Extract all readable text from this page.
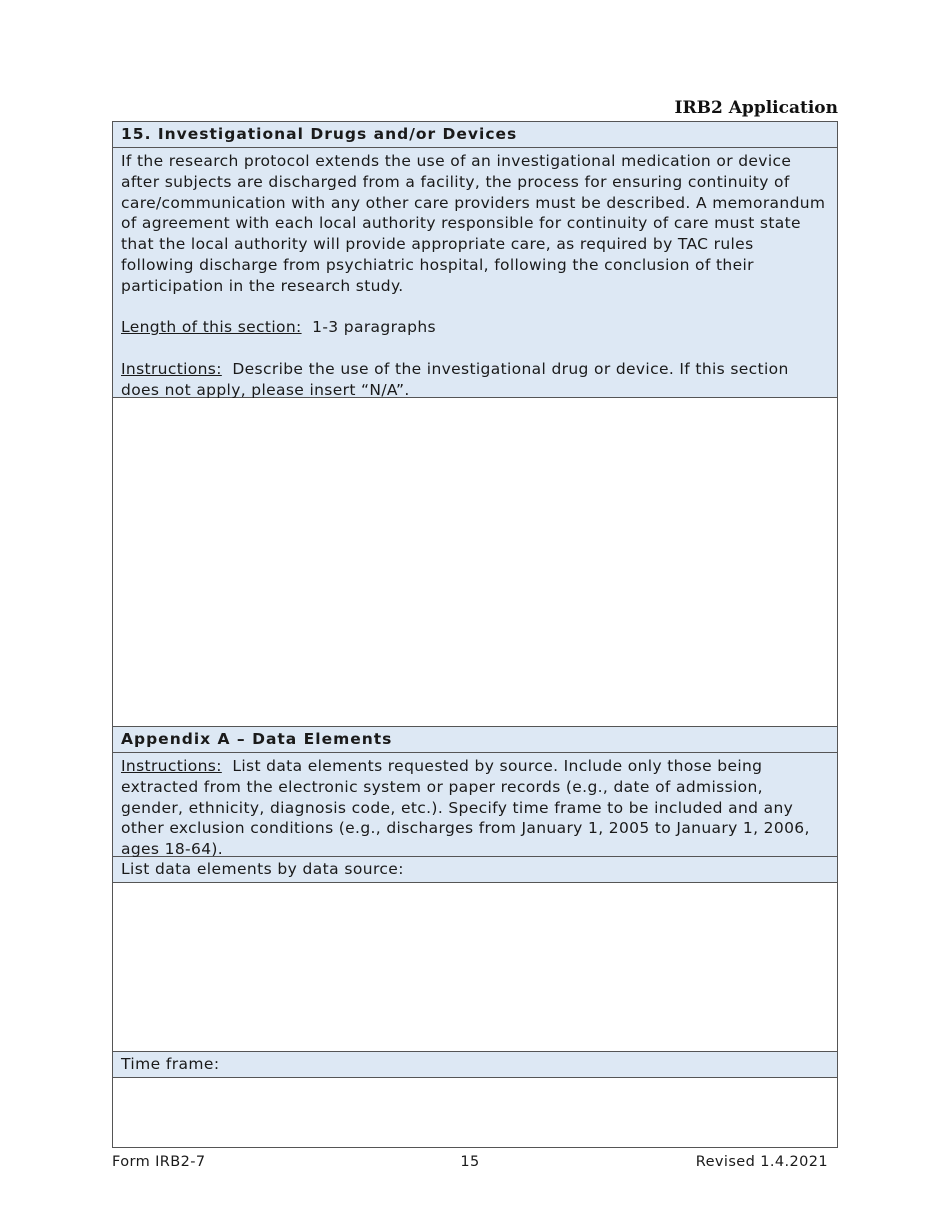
IRB2 Application
15. Investigational Drugs and/or Devices

If the research protocol extends the use of an investigational medication or device after subjects are discharged from a facility, the process for ensuring continuity of care/communication with any other care providers must be described. A memorandum of agreement with each local authority responsible for continuity of care must state that the local authority will provide appropriate care, as required by TAC rules following discharge from psychiatric hospital, following the conclusion of their participation in the research study.

Length of this section: 1-3 paragraphs

Instructions: Describe the use of the investigational drug or device. If this section does not apply, please insert “N/A”.

Appendix A – Data Elements

Instructions: List data elements requested by source. Include only those being extracted from the electronic system or paper records (e.g., date of admission, gender, ethnicity, diagnosis code, etc.). Specify time frame to be included and any other exclusion conditions (e.g., discharges from January 1, 2005 to January 1, 2006, ages 18-64).

List data elements by data source:
Time frame:
Form IRB2-7	15	Revised 1.4.2021
